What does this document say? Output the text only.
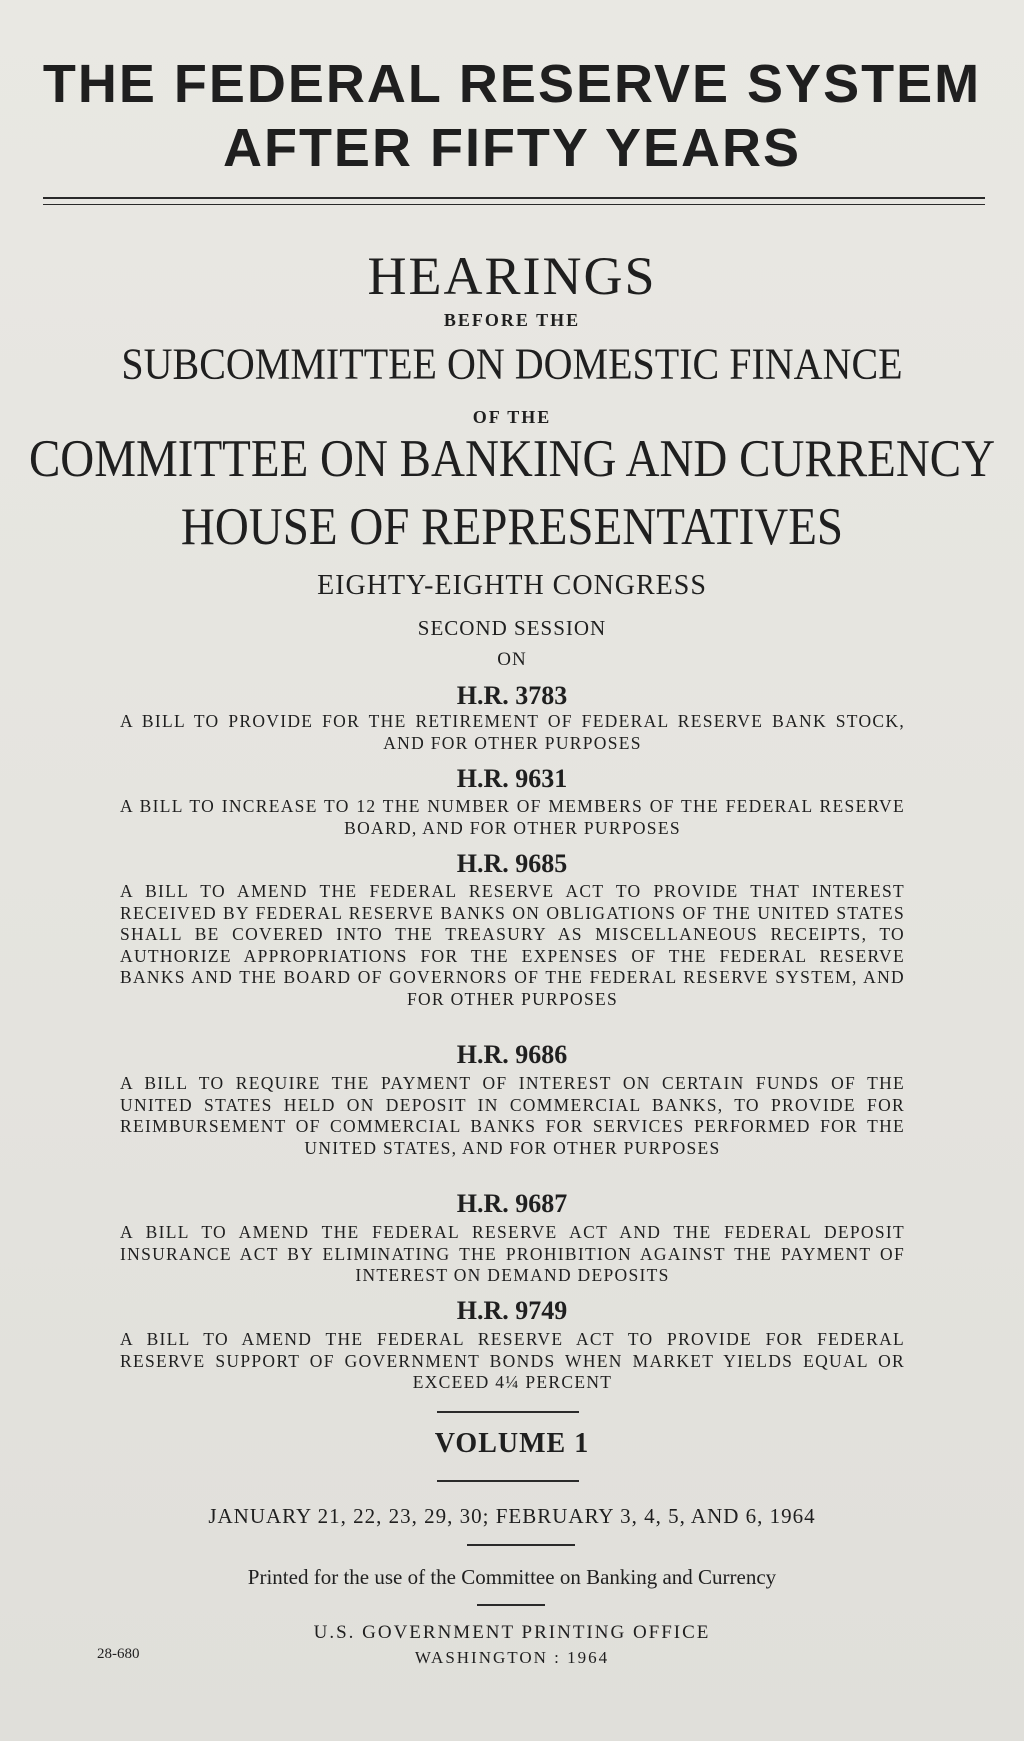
THE FEDERAL RESERVE SYSTEM
AFTER FIFTY YEARS
HEARINGS
BEFORE THE
SUBCOMMITTEE ON DOMESTIC FINANCE
OF THE
COMMITTEE ON BANKING AND CURRENCY
HOUSE OF REPRESENTATIVES
EIGHTY-EIGHTH CONGRESS
SECOND SESSION
ON
H.R. 3783
A BILL TO PROVIDE FOR THE RETIREMENT OF FEDERAL RESERVE BANK STOCK, AND FOR OTHER PURPOSES
H.R. 9631
A BILL TO INCREASE TO 12 THE NUMBER OF MEMBERS OF THE FEDERAL RESERVE BOARD, AND FOR OTHER PURPOSES
H.R. 9685
A BILL TO AMEND THE FEDERAL RESERVE ACT TO PROVIDE THAT INTEREST RECEIVED BY FEDERAL RESERVE BANKS ON OBLIGATIONS OF THE UNITED STATES SHALL BE COVERED INTO THE TREASURY AS MISCELLANEOUS RECEIPTS, TO AUTHORIZE APPROPRIATIONS FOR THE EXPENSES OF THE FEDERAL RESERVE BANKS AND THE BOARD OF GOVERNORS OF THE FEDERAL RESERVE SYSTEM, AND FOR OTHER PURPOSES
H.R. 9686
A BILL TO REQUIRE THE PAYMENT OF INTEREST ON CERTAIN FUNDS OF THE UNITED STATES HELD ON DEPOSIT IN COMMERCIAL BANKS, TO PROVIDE FOR REIMBURSEMENT OF COMMERCIAL BANKS FOR SERVICES PERFORMED FOR THE UNITED STATES, AND FOR OTHER PURPOSES
H.R. 9687
A BILL TO AMEND THE FEDERAL RESERVE ACT AND THE FEDERAL DEPOSIT INSURANCE ACT BY ELIMINATING THE PROHIBITION AGAINST THE PAYMENT OF INTEREST ON DEMAND DEPOSITS
H.R. 9749
A BILL TO AMEND THE FEDERAL RESERVE ACT TO PROVIDE FOR FEDERAL RESERVE SUPPORT OF GOVERNMENT BONDS WHEN MARKET YIELDS EQUAL OR EXCEED 4¼ PERCENT
VOLUME 1
JANUARY 21, 22, 23, 29, 30; FEBRUARY 3, 4, 5, AND 6, 1964
Printed for the use of the Committee on Banking and Currency
U.S. GOVERNMENT PRINTING OFFICE
WASHINGTON : 1964
28-680
